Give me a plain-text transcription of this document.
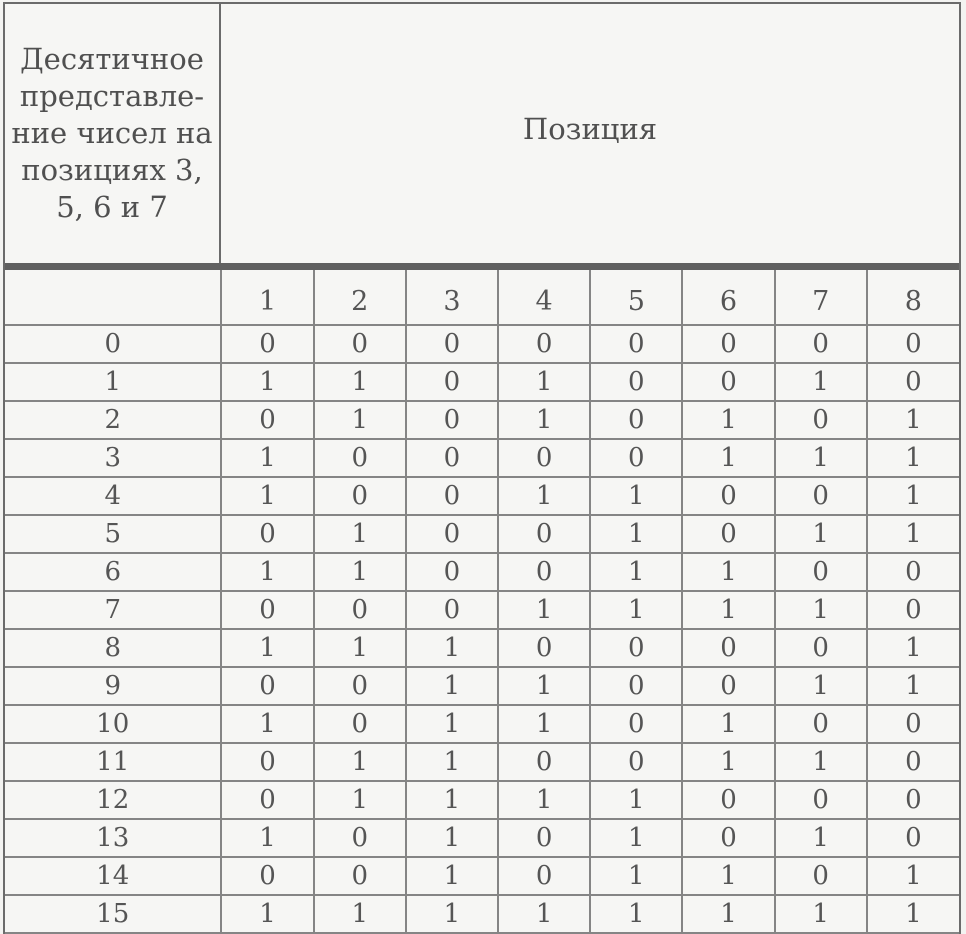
Десятичное
представле-
ние чисел на
позициях 3,
5, 6 и 7
Позиция
	1	2	3	4	5	6	7	8
0	0	0	0	0	0	0	0	0
1	1	1	0	1	0	0	1	0
2	0	1	0	1	0	1	0	1
3	1	0	0	0	0	1	1	1
4	1	0	0	1	1	0	0	1
5	0	1	0	0	1	0	1	1
6	1	1	0	0	1	1	0	0
7	0	0	0	1	1	1	1	0
8	1	1	1	0	0	0	0	1
9	0	0	1	1	0	0	1	1
10	1	0	1	1	0	1	0	0
11	0	1	1	0	0	1	1	0
12	0	1	1	1	1	0	0	0
13	1	0	1	0	1	0	1	0
14	0	0	1	0	1	1	0	1
15	1	1	1	1	1	1	1	1
